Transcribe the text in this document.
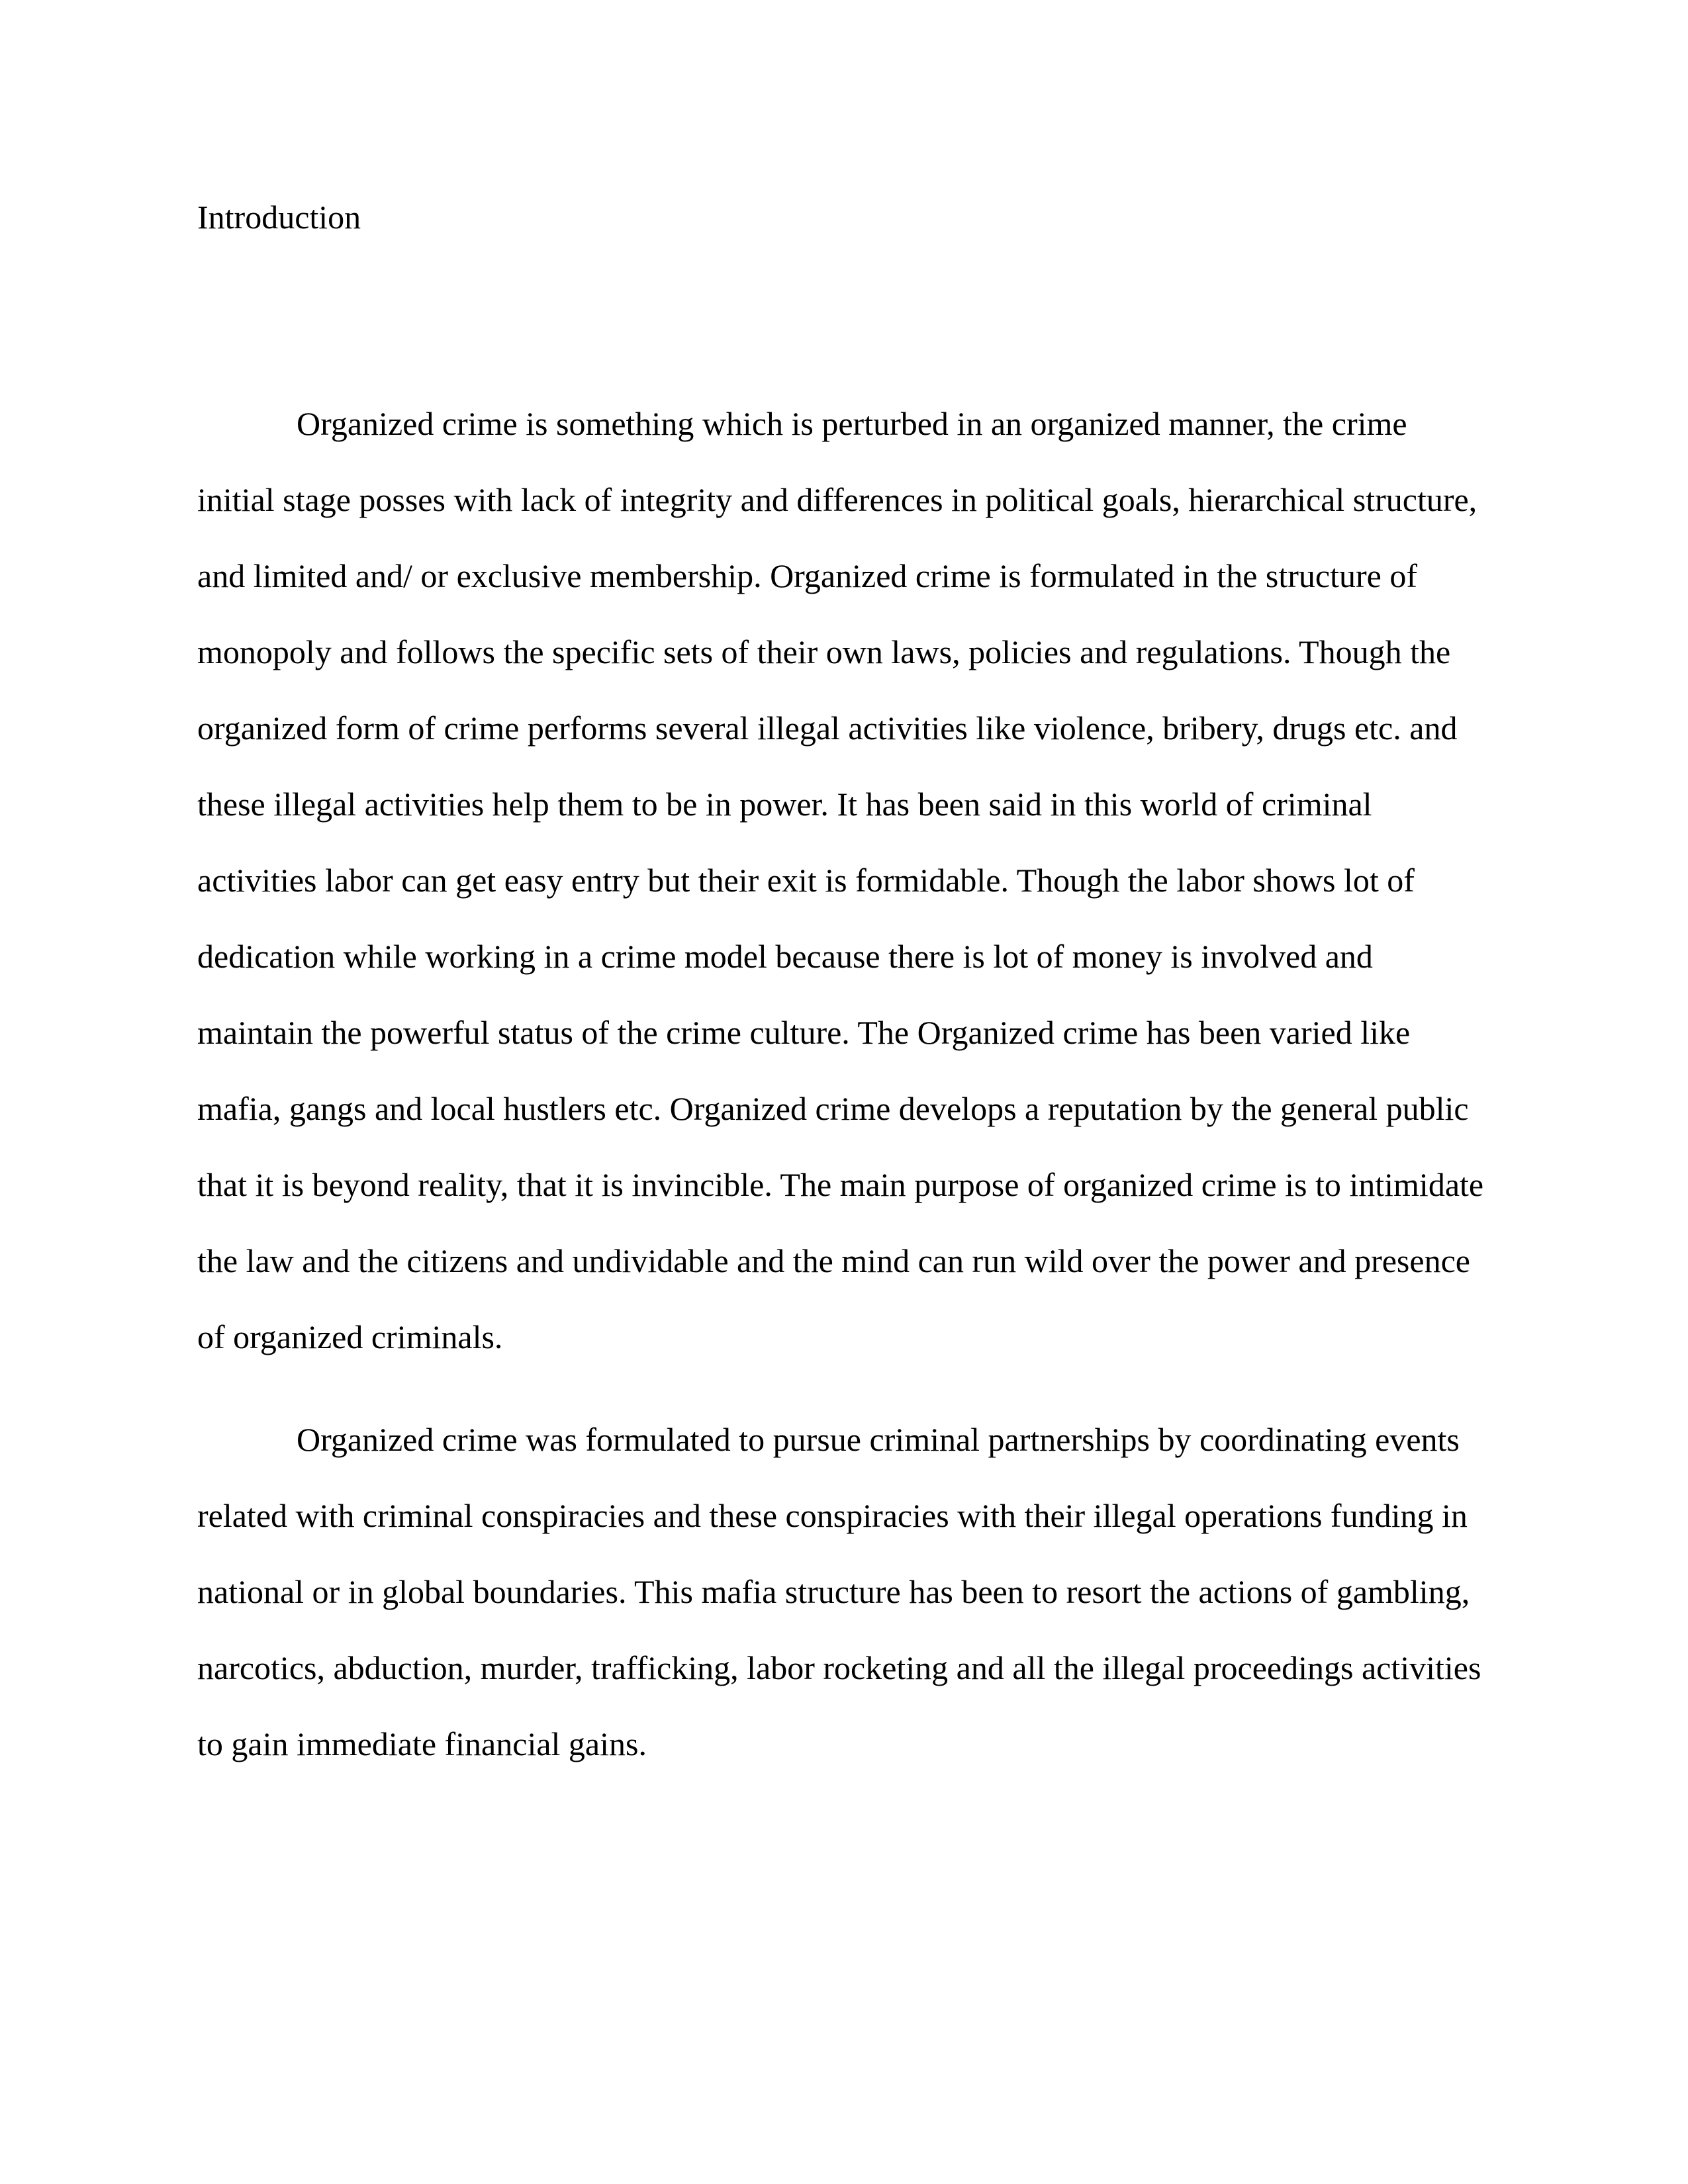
Introduction
Organized crime is something which is perturbed in an organized manner, the crime
initial stage posses with lack of integrity and differences in political goals, hierarchical structure,
and limited and/ or exclusive membership. Organized crime is formulated in the structure of
monopoly and follows the specific sets of their own laws, policies and regulations. Though the
organized form of crime performs several illegal activities like violence, bribery, drugs etc. and
these illegal activities help them to be in power. It has been said in this world of criminal
activities labor can get easy entry but their exit is formidable. Though the labor shows lot of
dedication while working in a crime model because there is lot of money is involved and
maintain the powerful status of the crime culture. The Organized crime has been varied like
mafia, gangs and local hustlers etc. Organized crime develops a reputation by the general public
that it is beyond reality, that it is invincible. The main purpose of organized crime is to intimidate
the law and the citizens and undividable and the mind can run wild over the power and presence
of organized criminals.
Organized crime was formulated to pursue criminal partnerships by coordinating events
related with criminal conspiracies and these conspiracies with their illegal operations funding in
national or in global boundaries. This mafia structure has been to resort the actions of gambling,
narcotics, abduction, murder, trafficking, labor rocketing and all the illegal proceedings activities
to gain immediate financial gains.
